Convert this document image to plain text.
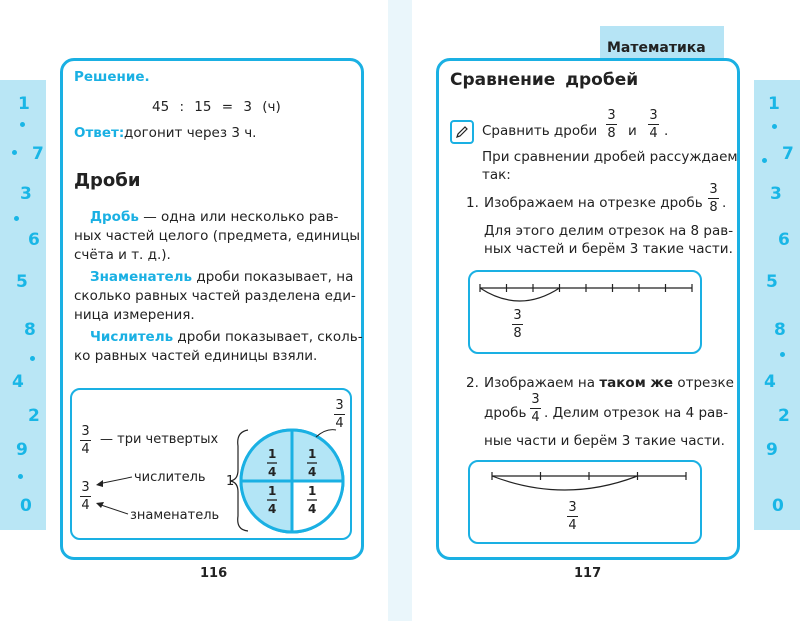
1
7
3
6
5
8
4
2
9
0
1
7
3
6
5
8
4
2
9
0
Математика
Решение.
45 : 15 = 3 (ч)
Ответ: догонит через 3 ч.
Дроби
Дробь — одна или несколько рав-
ных частей целого (предмета, единицы
счёта и т. д.).
Знаменатель дроби показывает, на
сколько равных частей разделена еди-
ница измерения.
Числитель дроби показывает, сколь-
ко равных частей единицы взяли.
3
4
— три четвертых
3
4
числитель
знаменатель
1
1
4
1
4
1
4
1
4
3
4
116
Сравнение дробей
Сравнить дроби
3
8 и
3
4 .
При сравнении дробей рассуждаем
так:
1. Изображаем на отрезке дробь
3
8 .
Для этого делим отрезок на 8 рав-
ных частей и берём 3 такие части.
3
8
2. Изображаем на таком же отрезке
дробь
3
4 . Делим отрезок на 4 рав-
ные части и берём 3 такие части.
3
4
117
